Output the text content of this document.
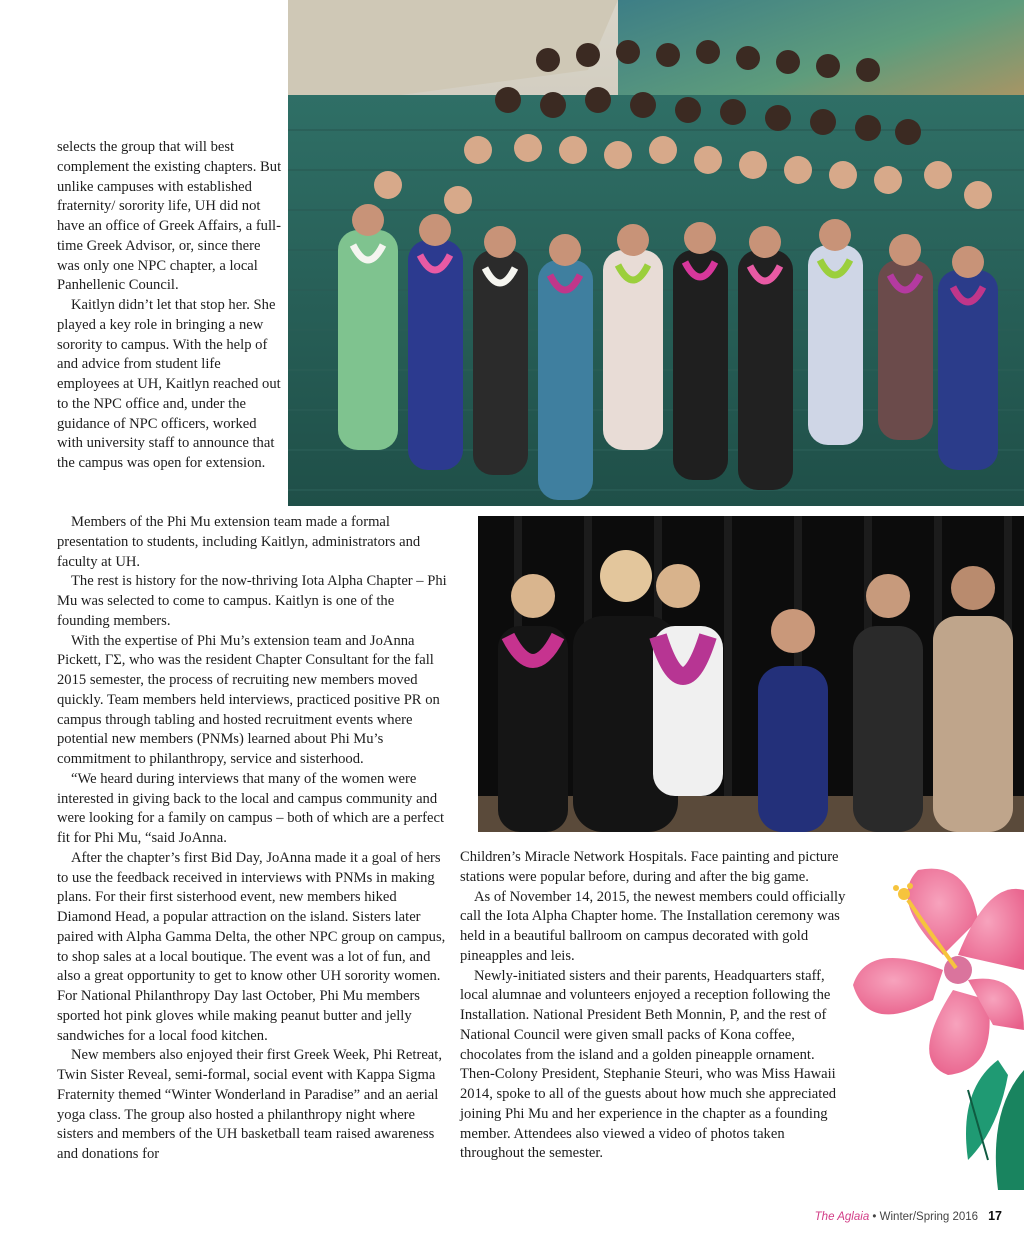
selects the group that will best complement the existing chapters. But unlike campuses with established fraternity/ sorority life, UH did not have an office of Greek Affairs, a full-time Greek Advisor, or, since there was only one NPC chapter, a local Panhellenic Council.

Kaitlyn didn’t let that stop her. She played a key role in bringing a new sorority to campus. With the help of and advice from student life employees at UH, Kaitlyn reached out to the NPC office and, under the guidance of NPC officers, worked with university staff to announce that the campus was open for extension.

Members of the Phi Mu extension team made a formal presentation to students, including Kaitlyn, administrators and faculty at UH.

The rest is history for the now-thriving Iota Alpha Chapter – Phi Mu was selected to come to campus. Kaitlyn is one of the founding members.

With the expertise of Phi Mu’s extension team and JoAnna Pickett, ΓΣ, who was the resident Chapter Consultant for the fall 2015 semester, the process of recruiting new members moved quickly. Team members held interviews, practiced positive PR on campus through tabling and hosted recruitment events where potential new members (PNMs) learned about Phi Mu’s commitment to philanthropy, service and sisterhood.

“We heard during interviews that many of the women were interested in giving back to the local and campus community and were looking for a family on campus – both of which are a perfect fit for Phi Mu, “said JoAnna.

After the chapter’s first Bid Day, JoAnna made it a goal of hers to use the feedback received in interviews with PNMs in making plans. For their first sisterhood event, new members hiked Diamond Head, a popular attraction on the island. Sisters later paired with Alpha Gamma Delta, the other NPC group on campus, to shop sales at a local boutique. The event was a lot of fun, and also a great opportunity to get to know other UH sorority women. For National Philanthropy Day last October, Phi Mu members sported hot pink gloves while making peanut butter and jelly sandwiches for a local food kitchen.

New members also enjoyed their first Greek Week, Phi Retreat, Twin Sister Reveal, semi-formal, social event with Kappa Sigma Fraternity themed “Winter Wonderland in Paradise” and an aerial yoga class. The group also hosted a philanthropy night where sisters and members of the UH basketball team raised awareness and donations for

Children’s Miracle Network Hospitals. Face painting and picture stations were popular before, during and after the big game.

As of November 14, 2015, the newest members could officially call the Iota Alpha Chapter home. The Installation ceremony was held in a beautiful ballroom on campus decorated with gold pineapples and leis.

Newly-initiated sisters and their parents, Headquarters staff, local alumnae and volunteers enjoyed a reception following the Installation. National President Beth Monnin, P, and the rest of National Council were given small packs of Kona coffee, chocolates from the island and a golden pineapple ornament. Then-Colony President, Stephanie Steuri, who was Miss Hawaii 2014, spoke to all of the guests about how much she appreciated joining Phi Mu and her experience in the chapter as a founding member. Attendees also viewed a video of photos taken throughout the semester.

The Aglaia • Winter/Spring 2016 17
